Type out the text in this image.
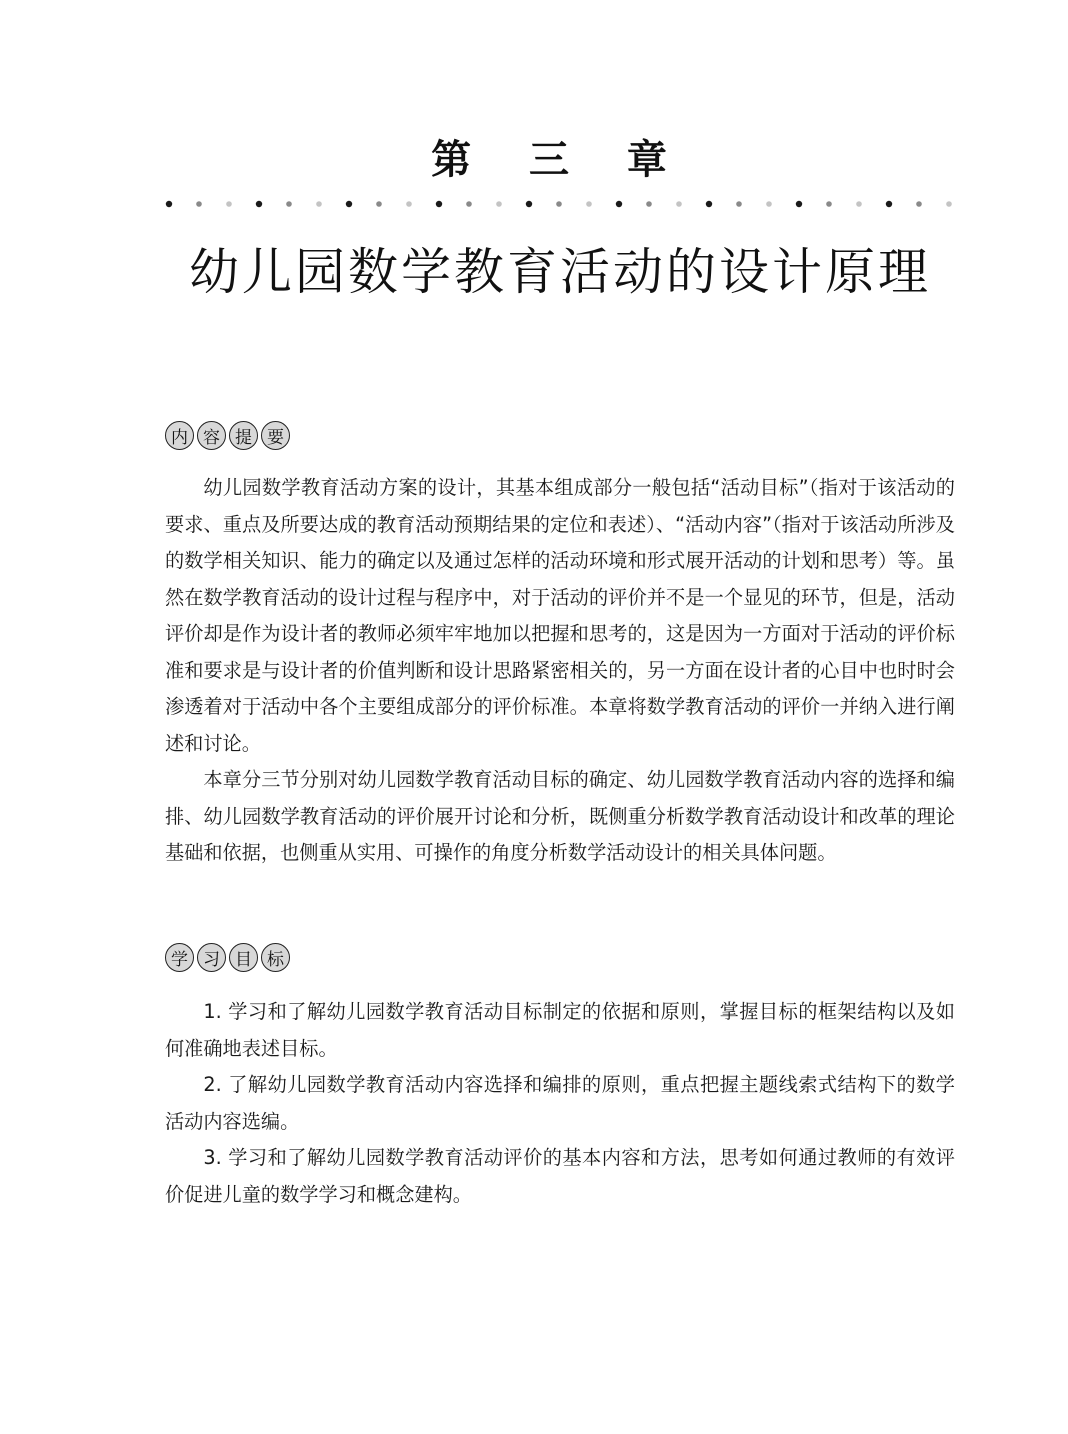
第 三 章
幼儿园数学教育活动的设计原理
内 容 提 要

幼儿园数学教育活动方案的设计，其基本组成部分一般包括“活动目标”（指对于该活动的要求、重点及所要达成的教育活动预期结果的定位和表述）、“活动内容”（指对于该活动所涉及的数学相关知识、能力的确定以及通过怎样的活动环境和形式展开活动的计划和思考）等。虽然在数学教育活动的设计过程与程序中，对于活动的评价并不是一个显见的环节，但是，活动评价却是作为设计者的教师必须牢牢地加以把握和思考的，这是因为一方面对于活动的评价标准和要求是与设计者的价值判断和设计思路紧密相关的，另一方面在设计者的心目中也时时会渗透着对于活动中各个主要组成部分的评价标准。本章将数学教育活动的评价一并纳入进行阐述和讨论。

本章分三节分别对幼儿园数学教育活动目标的确定、幼儿园数学教育活动内容的选择和编排、幼儿园数学教育活动的评价展开讨论和分析，既侧重分析数学教育活动设计和改革的理论基础和依据，也侧重从实用、可操作的角度分析数学活动设计的相关具体问题。

学 习 目 标

1. 学习和了解幼儿园数学教育活动目标制定的依据和原则，掌握目标的框架结构以及如何准确地表述目标。

2. 了解幼儿园数学教育活动内容选择和编排的原则，重点把握主题线索式结构下的数学活动内容选编。

3. 学习和了解幼儿园数学教育活动评价的基本内容和方法，思考如何通过教师的有效评价促进儿童的数学学习和概念建构。
